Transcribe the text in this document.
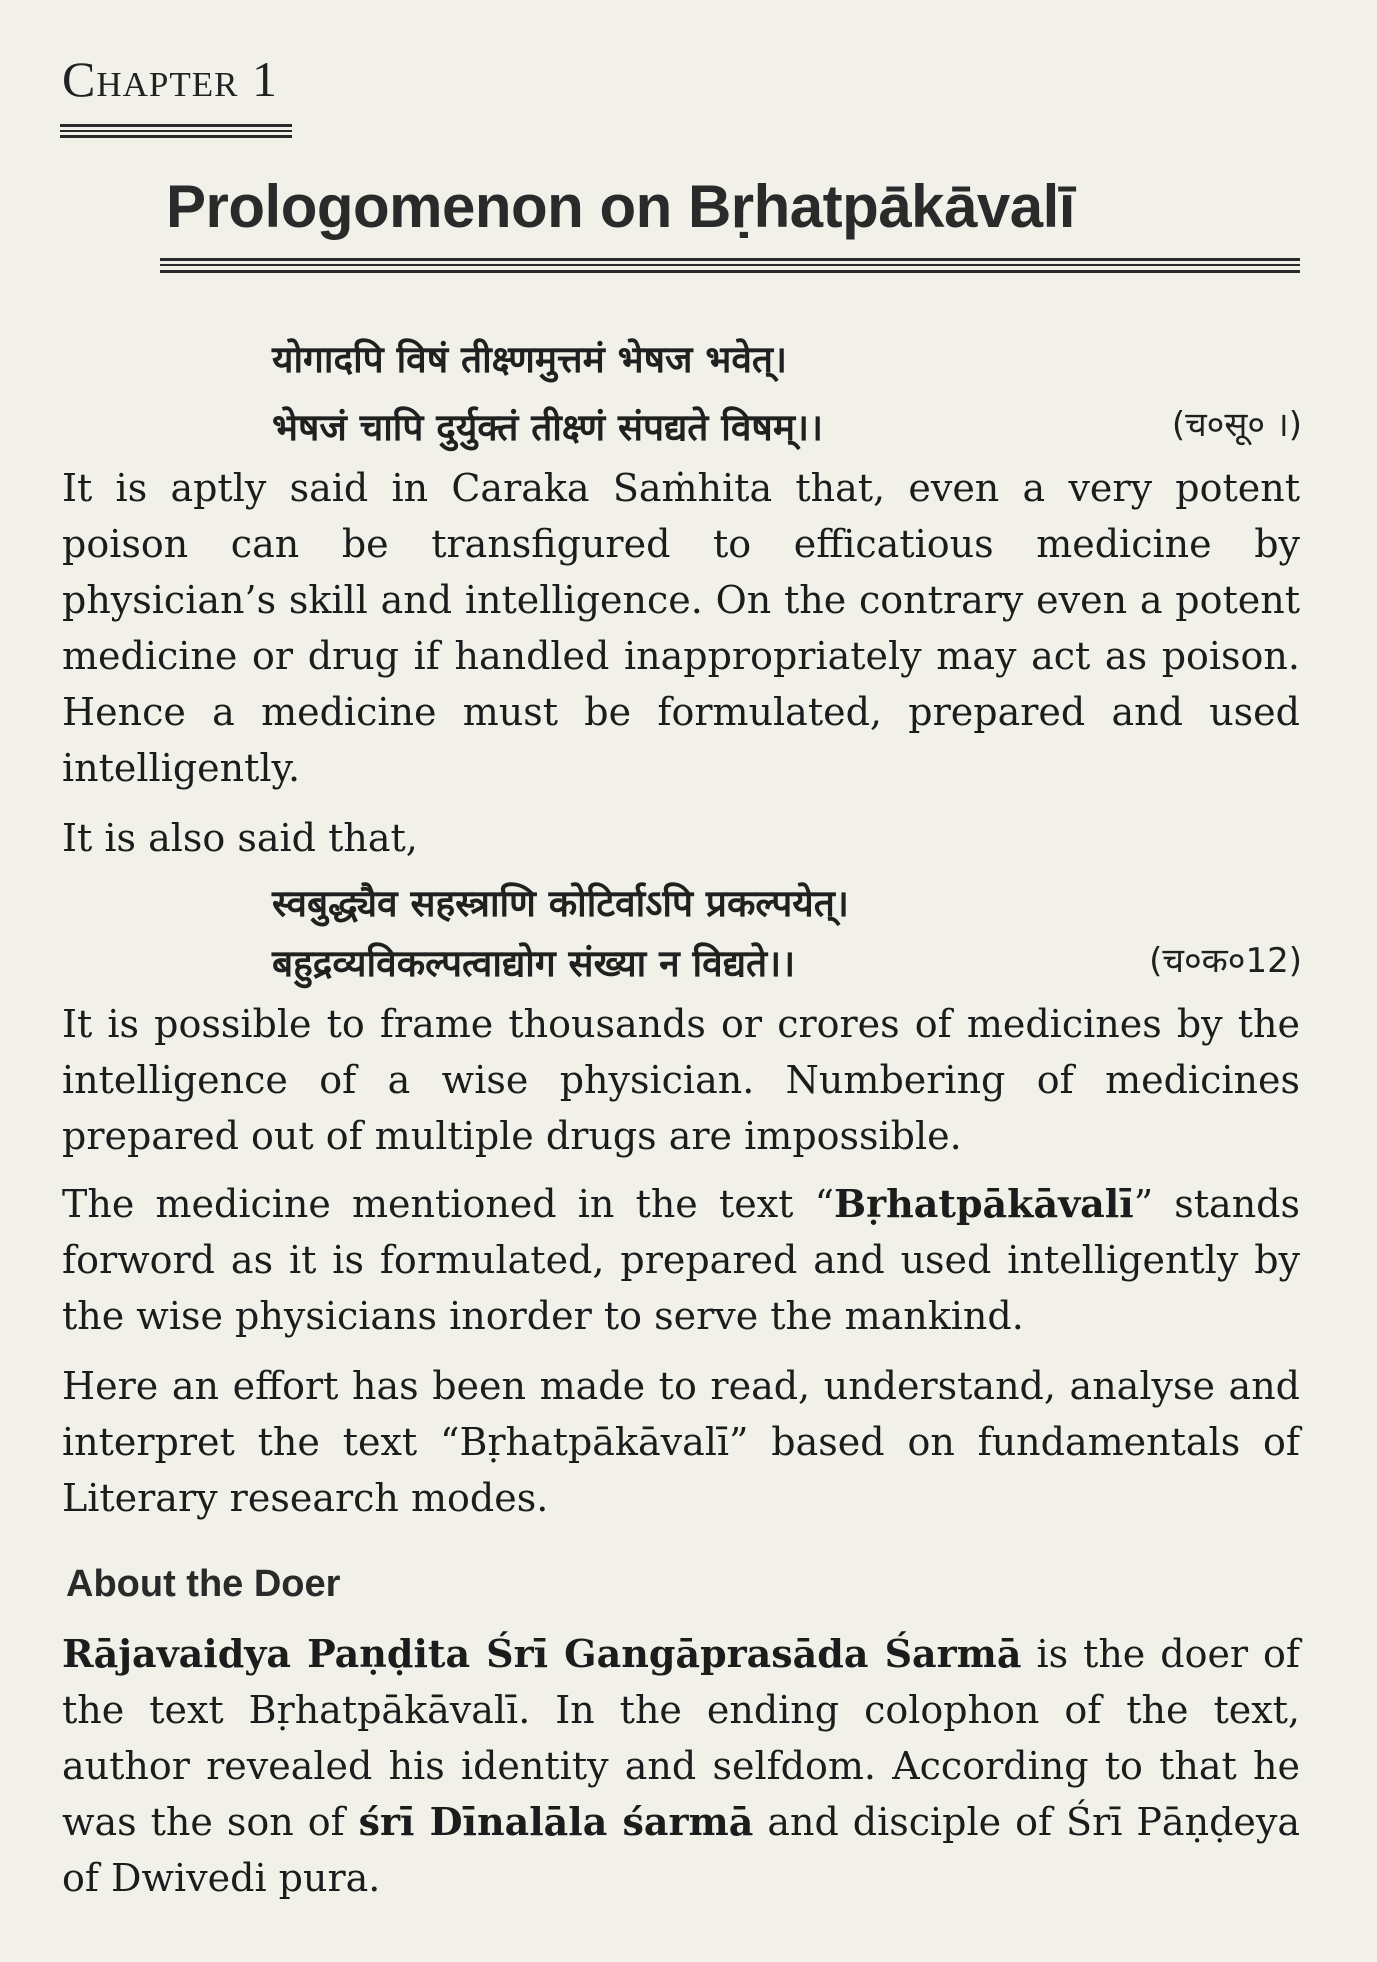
Chapter 1
Prologomenon on Bṛhatpākāvalī
योगादपि विषं तीक्ष्णमुत्तमं भेषज भवेत्।
भेषजं चापि दुर्युक्तं तीक्ष्णं संपद्यते विषम्।।	(च०सू० ।)

It is aptly said in Caraka Saṁhita that, even a very potent poison can be transfigured to efficatious medicine by physician’s skill and intelligence. On the contrary even a potent medicine or drug if handled inappropriately may act as poison. Hence a medicine must be formulated, prepared and used intelligently.

It is also said that,

स्वबुद्ध्यैव सहस्त्राणि कोटिर्वाऽपि प्रकल्पयेत्।
बहुद्रव्यविकल्पत्वाद्योग संख्या न विद्यते।।	(च०क०12)

It is possible to frame thousands or crores of medicines by the intelligence of a wise physician. Numbering of medicines prepared out of multiple drugs are impossible.

The medicine mentioned in the text “Bṛhatpākāvalī” stands forword as it is formulated, prepared and used intelligently by the wise physicians inorder to serve the mankind.

Here an effort has been made to read, understand, analyse and interpret the text “Bṛhatpākāvalī” based on fundamentals of Literary research modes.

About the Doer

Rājavaidya Paṇḍita Śrī Gangāprasāda Śarmā is the doer of the text Bṛhatpākāvalī. In the ending colophon of the text, author revealed his identity and selfdom. According to that he was the son of śrī Dīnalāla śarmā and disciple of Śrī Pāṇḍeya of Dwivedi pura.
